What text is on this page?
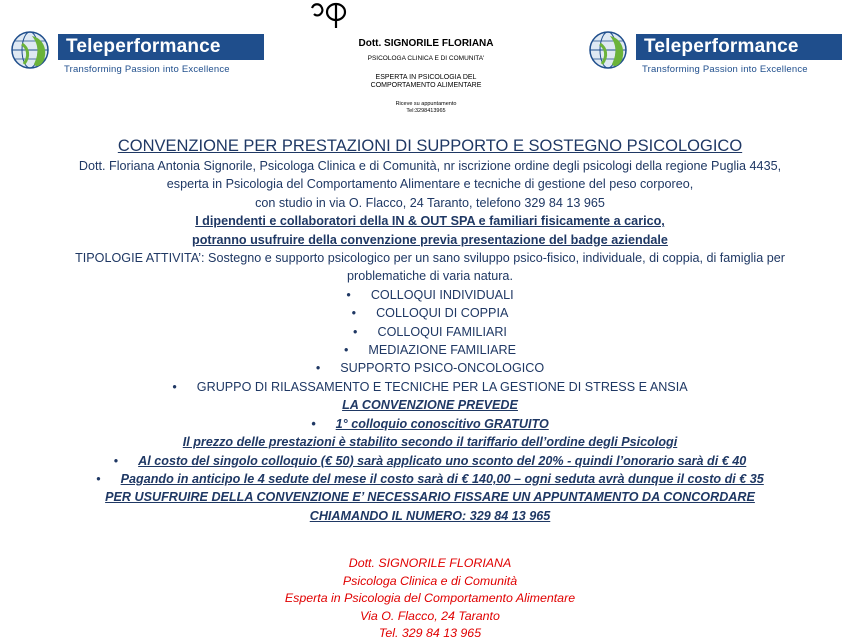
Teleperformance
Transforming Passion into Excellence
Teleperformance
Transforming Passion into Excellence
Dott. SIGNORILE FLORIANA
PSICOLOGA CLINICA E DI COMUNITA'
ESPERTA IN PSICOLOGIA DEL
COMPORTAMENTO ALIMENTARE
Riceve su appuntamento
Tel:3298413965
CONVENZIONE PER PRESTAZIONI DI SUPPORTO E SOSTEGNO PSICOLOGICO
Dott. Floriana Antonia Signorile, Psicologa Clinica e di Comunità, nr iscrizione ordine degli psicologi della regione Puglia 4435,
esperta in Psicologia del Comportamento Alimentare e tecniche di gestione del peso corporeo,
con studio in via O. Flacco, 24 Taranto, telefono 329 84 13 965
I dipendenti e collaboratori della IN & OUT SPA e familiari fisicamente a carico,
potranno usufruire della convenzione previa presentazione del badge aziendale
TIPOLOGIE ATTIVITA’: Sostegno e supporto psicologico per un sano sviluppo psico-fisico, individuale, di coppia, di famiglia per
problematiche di varia natura.
• COLLOQUI INDIVIDUALI
• COLLOQUI DI COPPIA
• COLLOQUI FAMILIARI
• MEDIAZIONE FAMILIARE
• SUPPORTO PSICO-ONCOLOGICO
• GRUPPO DI RILASSAMENTO E TECNICHE PER LA GESTIONE DI STRESS E ANSIA
LA CONVENZIONE PREVEDE
• 1° colloquio conoscitivo GRATUITO
Il prezzo delle prestazioni è stabilito secondo il tariffario dell’ordine degli Psicologi
• Al costo del singolo colloquio (€ 50) sarà applicato uno sconto del 20% - quindi l’onorario sarà di € 40
• Pagando in anticipo le 4 sedute del mese il costo sarà di € 140,00 – ogni seduta avrà dunque il costo di € 35
PER USUFRUIRE DELLA CONVENZIONE E’ NECESSARIO FISSARE UN APPUNTAMENTO DA CONCORDARE
CHIAMANDO IL NUMERO: 329 84 13 965
Dott. SIGNORILE FLORIANA
Psicologa Clinica e di Comunità
Esperta in Psicologia del Comportamento Alimentare
Via O. Flacco, 24 Taranto
Tel. 329 84 13 965
